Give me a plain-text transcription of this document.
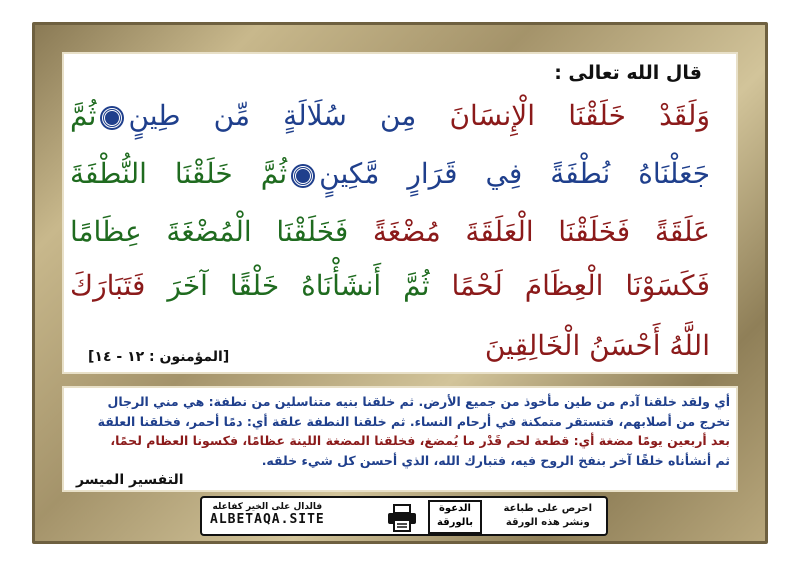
قال الله تعالى :
وَلَقَدْ خَلَقْنَا الْإِنسَانَ مِن سُلَالَةٍ مِّن طِينٍثُمَّ
جَعَلْنَاهُ نُطْفَةً فِي قَرَارٍ مَّكِينٍثُمَّ خَلَقْنَا النُّطْفَةَ
عَلَقَةً فَخَلَقْنَا الْعَلَقَةَ مُضْغَةً فَخَلَقْنَا الْمُضْغَةَ عِظَامًا
فَكَسَوْنَا الْعِظَامَ لَحْمًا ثُمَّ أَنشَأْنَاهُ خَلْقًا آخَرَ فَتَبَارَكَ
اللَّهُ أَحْسَنُ الْخَالِقِينَ
[المؤمنون : ١٢ - ١٤]
أي ولقد خلقنا آدم من طين مأخوذ من جميع الأرض. ثم خلقنا بنيه متناسلين من نطفة: هي مني الرجال
تخرج من أصلابهم، فتستقر متمكنة في أرحام النساء. ثم خلقنا النطفة علقة أي: دمًا أحمر، فخلقنا العلقة
بعد أربعين يومًا مضغة أي: قطعة لحم قَدْر ما يُمضغ، فخلقنا المضغة اللينة عظامًا، فكسونا العظام لحمًا،
ثم أنشأناه خلقًا آخر بنفخ الروح فيه، فتبارك الله، الذي أحسن كل شيء خلقه.
التفسير الميسر
احرص على طباعة
ونشر هذه الورقة
الدعوة
بالورقة
فالدال على الخير كفاعله
ALBETAQA.SITE
